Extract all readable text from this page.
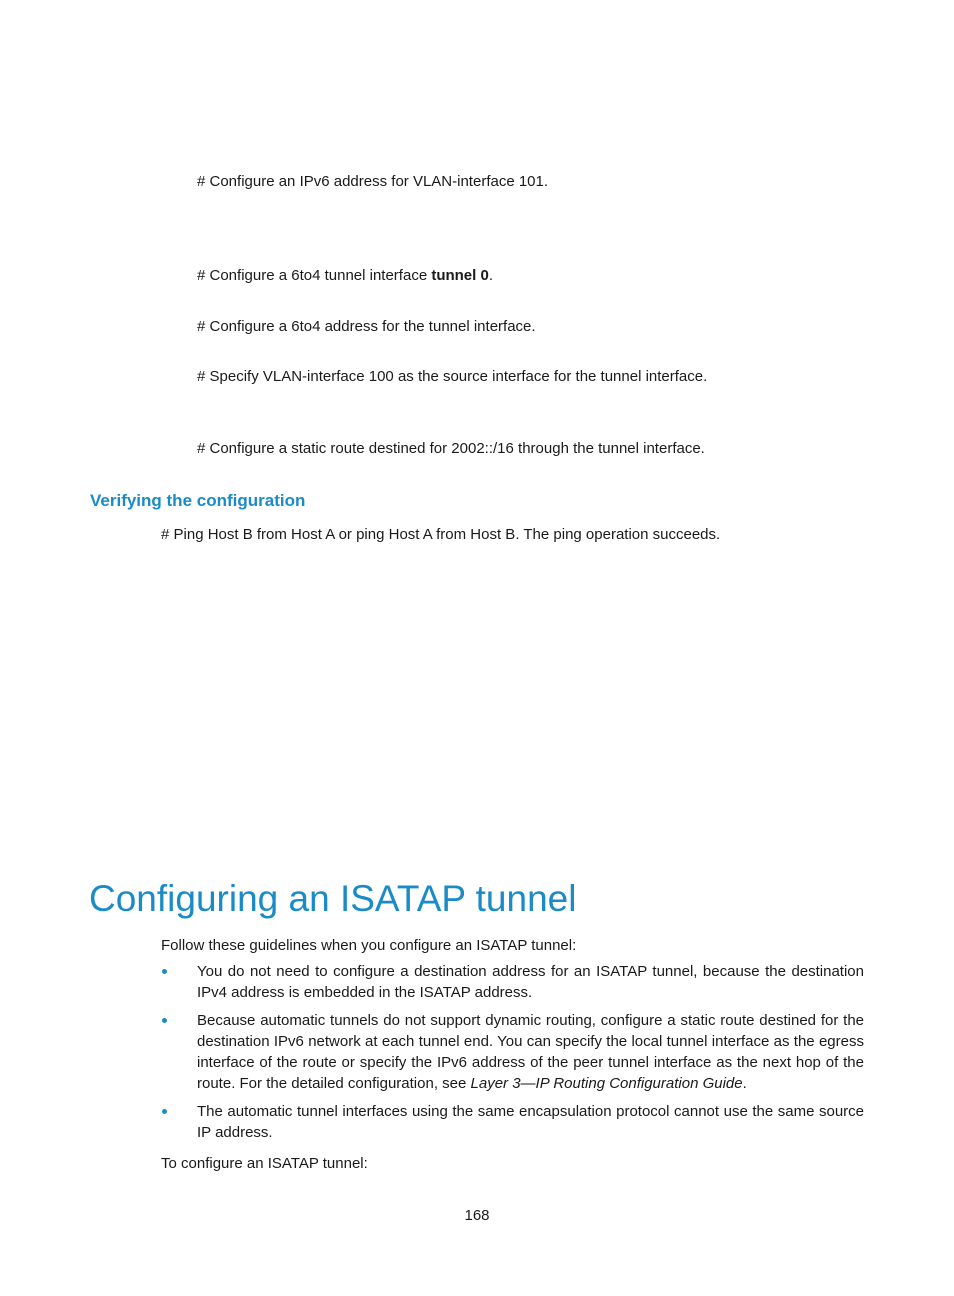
# Configure an IPv6 address for VLAN-interface 101.
# Configure a 6to4 tunnel interface tunnel 0.
# Configure a 6to4 address for the tunnel interface.
# Specify VLAN-interface 100 as the source interface for the tunnel interface.
# Configure a static route destined for 2002::/16 through the tunnel interface.
Verifying the configuration
# Ping Host B from Host A or ping Host A from Host B. The ping operation succeeds.
Configuring an ISATAP tunnel
Follow these guidelines when you configure an ISATAP tunnel:
You do not need to configure a destination address for an ISATAP tunnel, because the destination IPv4 address is embedded in the ISATAP address.
Because automatic tunnels do not support dynamic routing, configure a static route destined for the destination IPv6 network at each tunnel end. You can specify the local tunnel interface as the egress interface of the route or specify the IPv6 address of the peer tunnel interface as the next hop of the route. For the detailed configuration, see Layer 3—IP Routing Configuration Guide.
The automatic tunnel interfaces using the same encapsulation protocol cannot use the same source IP address.
To configure an ISATAP tunnel:
168
